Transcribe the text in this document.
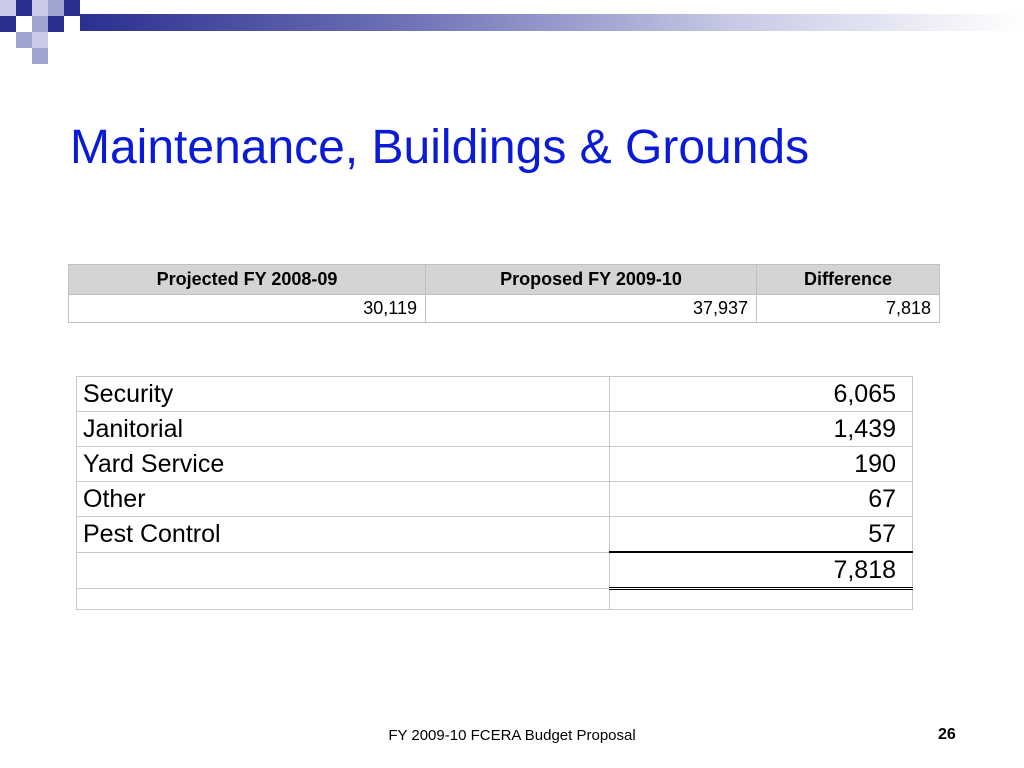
Maintenance, Buildings & Grounds
Projected FY 2008-09	Proposed FY 2009-10	Difference
30,119	37,937	7,818
Security	6,065
Janitorial	1,439
Yard Service	190
Other	67
Pest Control	57
	7,818

FY 2009-10 FCERA Budget Proposal	26
